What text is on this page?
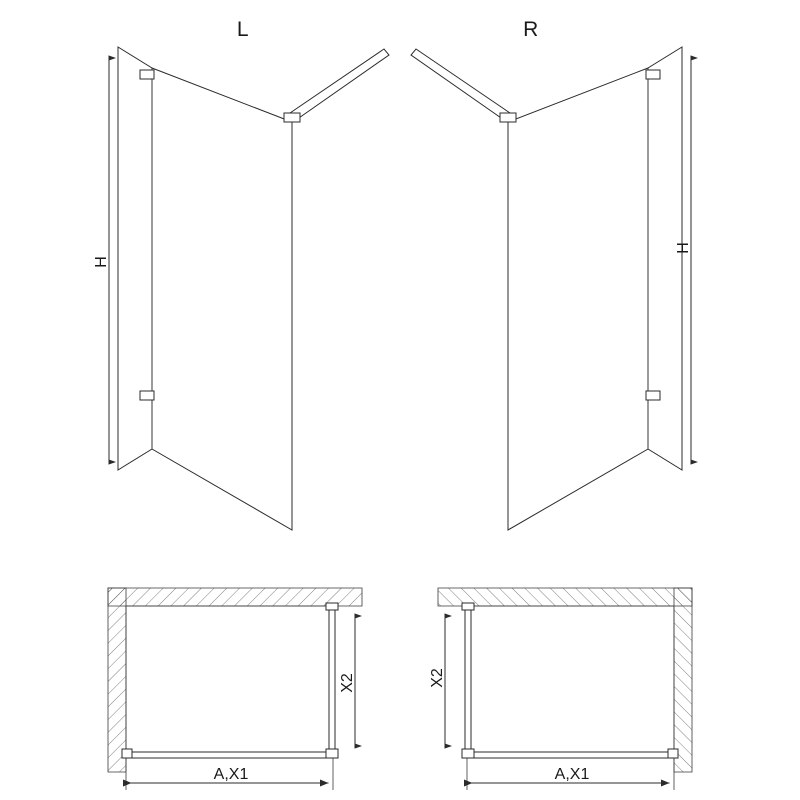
H
L
H
R
X2
A,X1
X2
A,X1
